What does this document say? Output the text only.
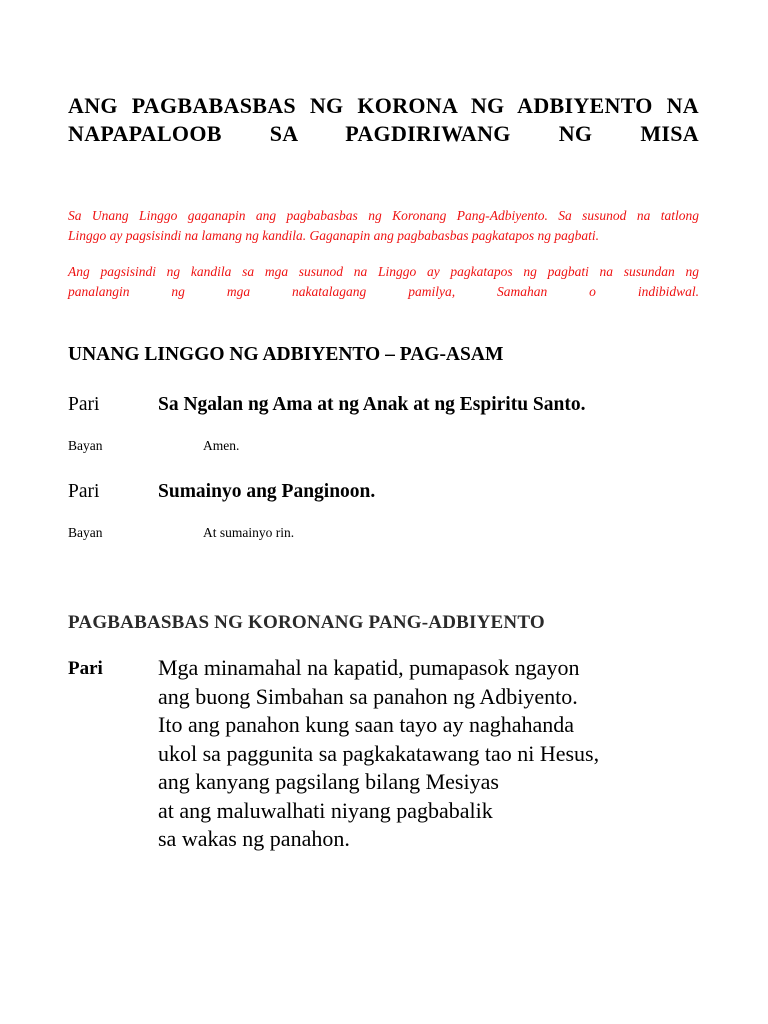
ANG PAGBABASBAS NG KORONA NG ADBIYENTO NA
NAPAPALOOB SA PAGDIRIWANG NG MISA

Sa Unang Linggo gaganapin ang pagbabasbas ng Koronang Pang-Adbiyento. Sa susunod na tatlong
Linggo ay pagsisindi na lamang ng kandila. Gaganapin ang pagbabasbas pagkatapos ng pagbati.

Ang pagsisindi ng kandila sa mga susunod na Linggo ay pagkatapos ng pagbati na susundan ng
panalangin ng mga nakatalagang pamilya, Samahan o indibidwal.

UNANG LINGGO NG ADBIYENTO – PAG-ASAM
Pari	Sa Ngalan ng Ama at ng Anak at ng Espiritu Santo.
Bayan	Amen.
Pari	Sumainyo ang Panginoon.
Bayan	At sumainyo rin.
PAGBABASBAS NG KORONANG PANG-ADBIYENTO
Pari	Mga minamahal na kapatid, pumapasok ngayon
ang buong Simbahan sa panahon ng Adbiyento.
Ito ang panahon kung saan tayo ay naghahanda
ukol sa paggunita sa pagkakatawang tao ni Hesus,
ang kanyang pagsilang bilang Mesiyas
at ang maluwalhati niyang pagbabalik
sa wakas ng panahon.
